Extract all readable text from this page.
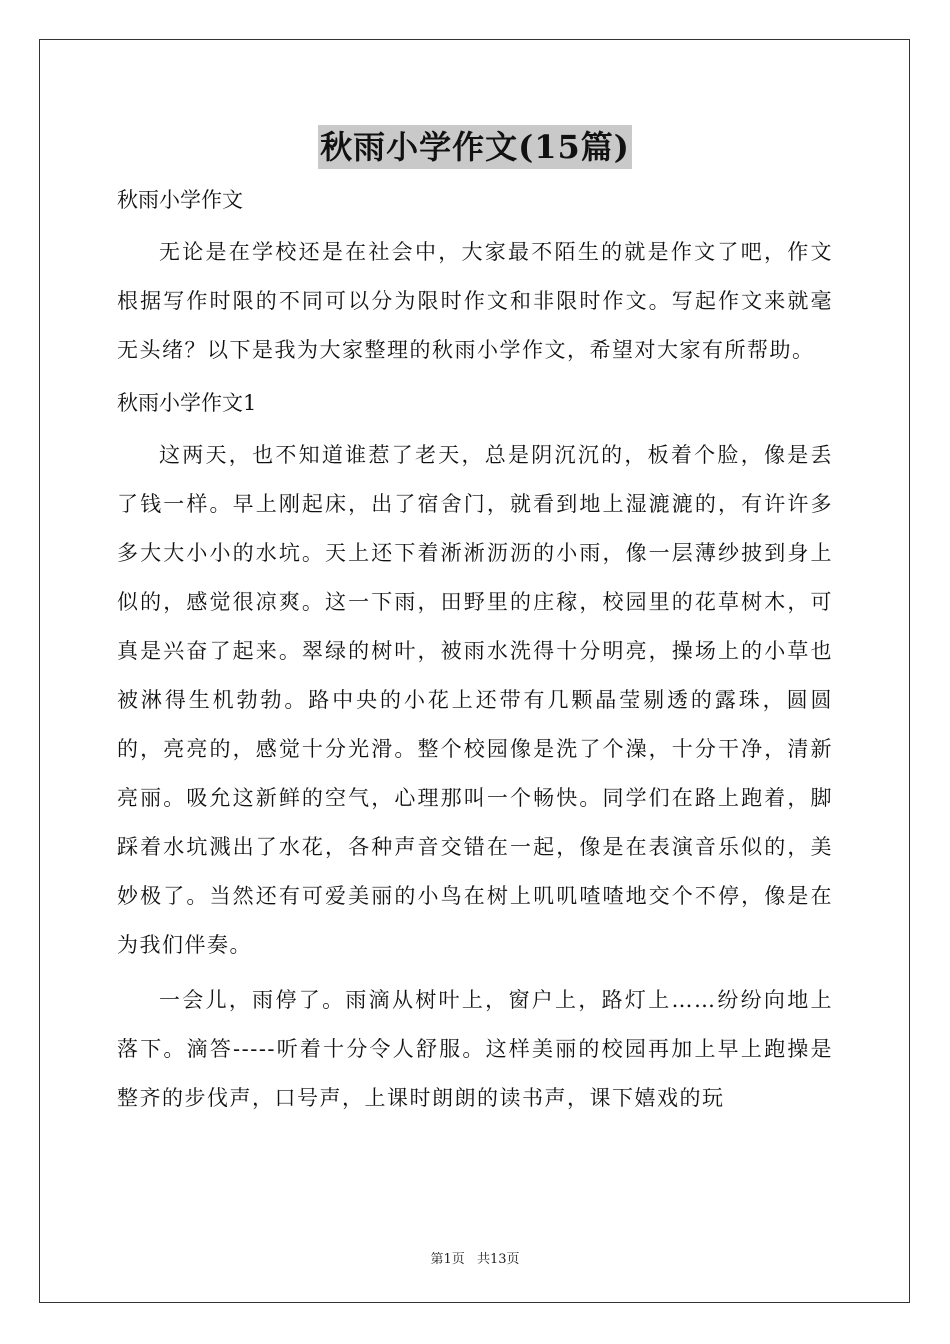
秋雨小学作文(15篇)
秋雨小学作文

无论是在学校还是在社会中，大家最不陌生的就是作文了吧，作文根据写作时限的不同可以分为限时作文和非限时作文。写起作文来就毫无头绪？以下是我为大家整理的秋雨小学作文，希望对大家有所帮助。

秋雨小学作文1

这两天，也不知道谁惹了老天，总是阴沉沉的，板着个脸，像是丢了钱一样。早上刚起床，出了宿舍门，就看到地上湿漉漉的，有许许多多大大小小的水坑。天上还下着淅淅沥沥的小雨，像一层薄纱披到身上似的，感觉很凉爽。这一下雨，田野里的庄稼，校园里的花草树木，可真是兴奋了起来。翠绿的树叶，被雨水洗得十分明亮，操场上的小草也被淋得生机勃勃。路中央的小花上还带有几颗晶莹剔透的露珠，圆圆的，亮亮的，感觉十分光滑。整个校园像是洗了个澡，十分干净，清新亮丽。吸允这新鲜的空气，心理那叫一个畅快。同学们在路上跑着，脚踩着水坑溅出了水花，各种声音交错在一起，像是在表演音乐似的，美妙极了。当然还有可爱美丽的小鸟在树上叽叽喳喳地交个不停，像是在为我们伴奏。

一会儿，雨停了。雨滴从树叶上，窗户上，路灯上……纷纷向地上落下。滴答-----听着十分令人舒服。这样美丽的校园再加上早上跑操是整齐的步伐声，口号声，上课时朗朗的读书声，课下嬉戏的玩

第1页 共13页
